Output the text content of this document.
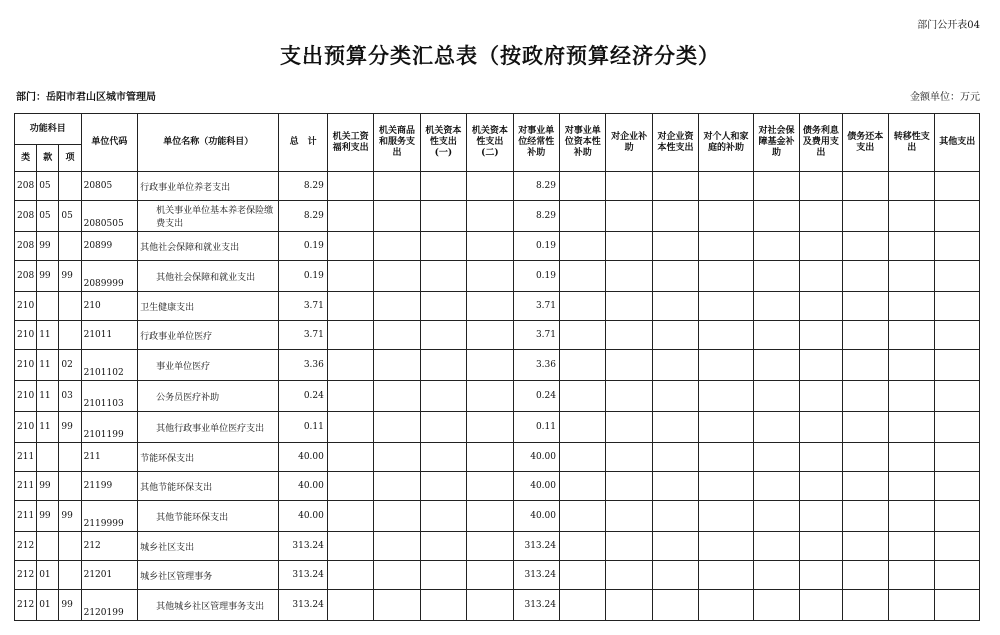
部门公开表04
支出预算分类汇总表（按政府预算经济分类）
部门：岳阳市君山区城市管理局	金额单位：万元
功能科目			单位代码	单位名称（功能科目）	总　计	机关工资福利支出	机关商品和服务支出	机关资本性支出(一)	机关资本性支出(二)	对事业单位经常性补助	对事业单位资本性补助	对企业补助	对企业资本性支出	对个人和家庭的补助	对社会保障基金补助	债务利息及费用支出	债务还本支出	转移性支出	其他支出
类	款	项																	
208	05		20805	行政事业单位养老支出	8.29					8.29									
208	05	05	2080505	机关事业单位基本养老保险缴费支出	8.29					8.29									
208	99		20899	其他社会保障和就业支出	0.19					0.19									
208	99	99	2089999	其他社会保障和就业支出	0.19					0.19									
210			210	卫生健康支出	3.71					3.71									
210	11		21011	行政事业单位医疗	3.71					3.71									
210	11	02	2101102	事业单位医疗	3.36					3.36									
210	11	03	2101103	公务员医疗补助	0.24					0.24									
210	11	99	2101199	其他行政事业单位医疗支出	0.11					0.11									
211			211	节能环保支出	40.00					40.00									
211	99		21199	其他节能环保支出	40.00					40.00									
211	99	99	2119999	其他节能环保支出	40.00					40.00									
212			212	城乡社区支出	313.24					313.24									
212	01		21201	城乡社区管理事务	313.24					313.24									
212	01	99	2120199	其他城乡社区管理事务支出	313.24					313.24									
